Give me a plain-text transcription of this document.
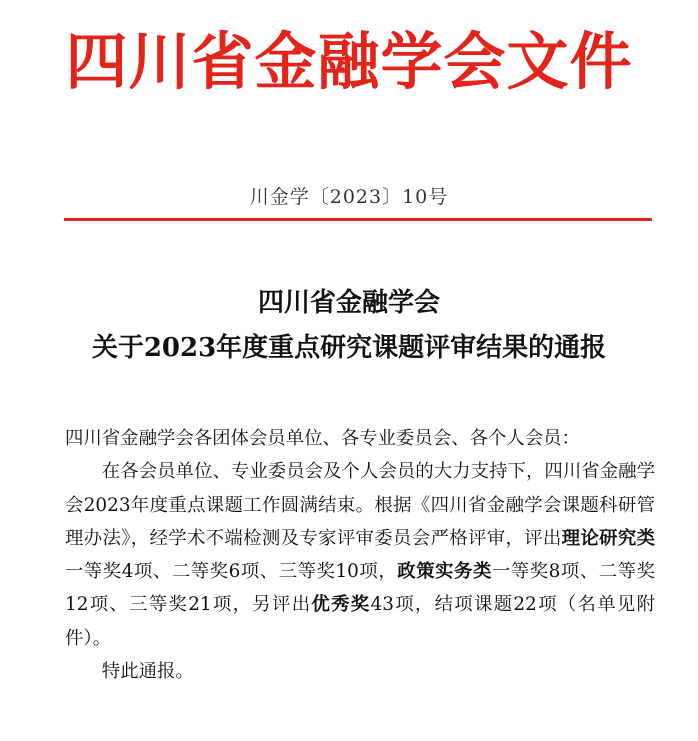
四川省金融学会文件
川金学〔2023〕10号
四川省金融学会
关于2023年度重点研究课题评审结果的通报

四川省金融学会各团体会员单位、各专业委员会、各个人会员：

在各会员单位、专业委员会及个人会员的大力支持下，四川省金融学会2023年度重点课题工作圆满结束。根据《四川省金融学会课题科研管理办法》，经学术不端检测及专家评审委员会严格评审，评出理论研究类一等奖4项、二等奖6项、三等奖10项，政策实务类一等奖8项、二等奖12项、三等奖21项，另评出优秀奖43项，结项课题22项（名单见附件）。

特此通报。
